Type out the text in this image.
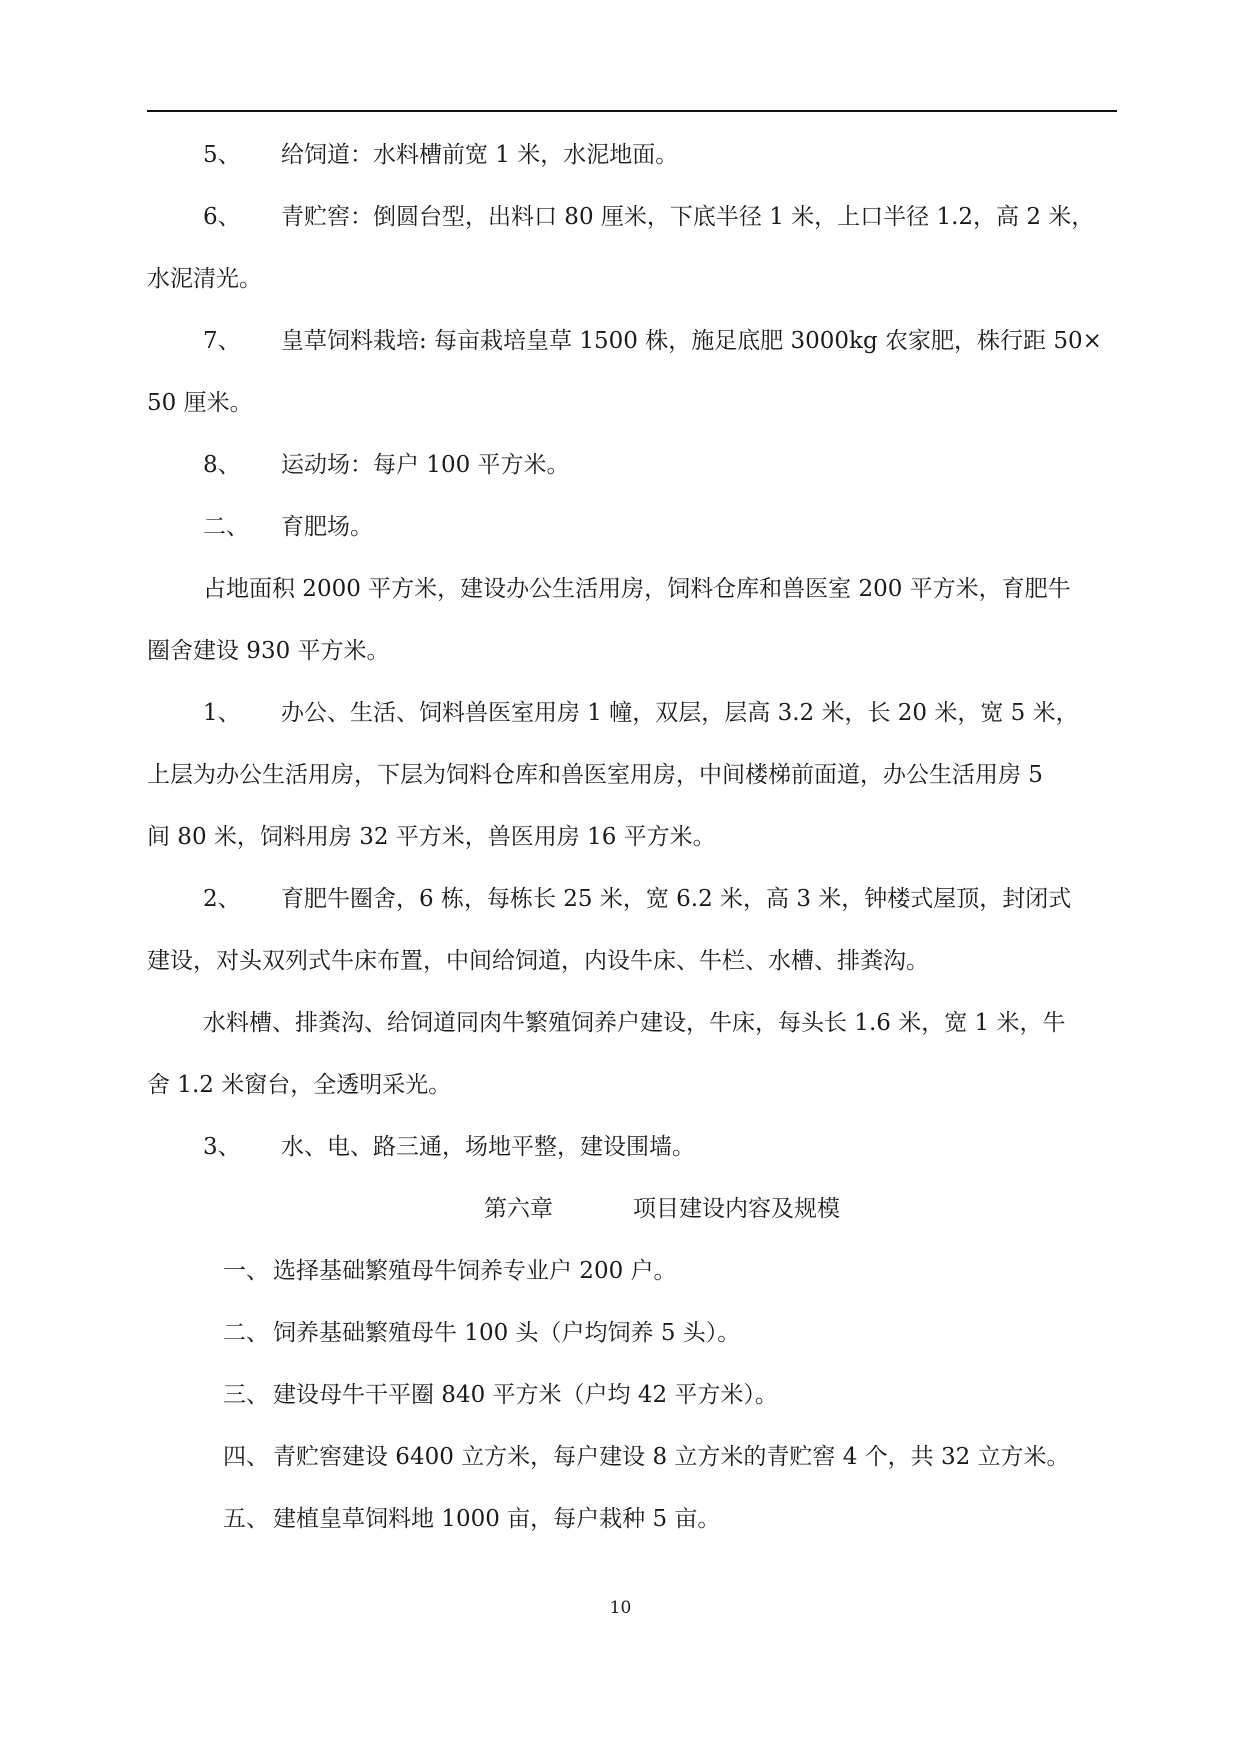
5、	给饲道：水料槽前宽 1 米，水泥地面。
6、	青贮窖：倒圆台型，出料口 80 厘米，下底半径 1 米，上口半径 1.2，高 2 米，
水泥清光。
7、	皇草饲料栽培: 每亩栽培皇草 1500 株，施足底肥 3000kg 农家肥，株行距 50×
50 厘米。
8、	运动场：每户 100 平方米。
二、	育肥场。
占地面积 2000 平方米，建设办公生活用房，饲料仓库和兽医室 200 平方米，育肥牛
圈舍建设 930 平方米。
1、	办公、生活、饲料兽医室用房 1 幢，双层，层高 3.2 米，长 20 米，宽 5 米，
上层为办公生活用房，下层为饲料仓库和兽医室用房，中间楼梯前面道，办公生活用房 5
间 80 米，饲料用房 32 平方米，兽医用房 16 平方米。
2、	育肥牛圈舍，6 栋，每栋长 25 米，宽 6.2 米，高 3 米，钟楼式屋顶，封闭式
建设，对头双列式牛床布置，中间给饲道，内设牛床、牛栏、水槽、排粪沟。
水料槽、排粪沟、给饲道同肉牛繁殖饲养户建设，牛床，每头长 1.6 米，宽 1 米，牛
舍 1.2 米窗台，全透明采光。
3、	水、电、路三通，场地平整，建设围墙。
第六章	项目建设内容及规模
一、 选择基础繁殖母牛饲养专业户 200 户。
二、 饲养基础繁殖母牛 100 头（户均饲养 5 头）。
三、 建设母牛干平圈 840 平方米（户均 42 平方米）。
四、 青贮窖建设 6400 立方米，每户建设 8 立方米的青贮窖 4 个，共 32 立方米。
五、 建植皇草饲料地 1000 亩，每户栽种 5 亩。
10
